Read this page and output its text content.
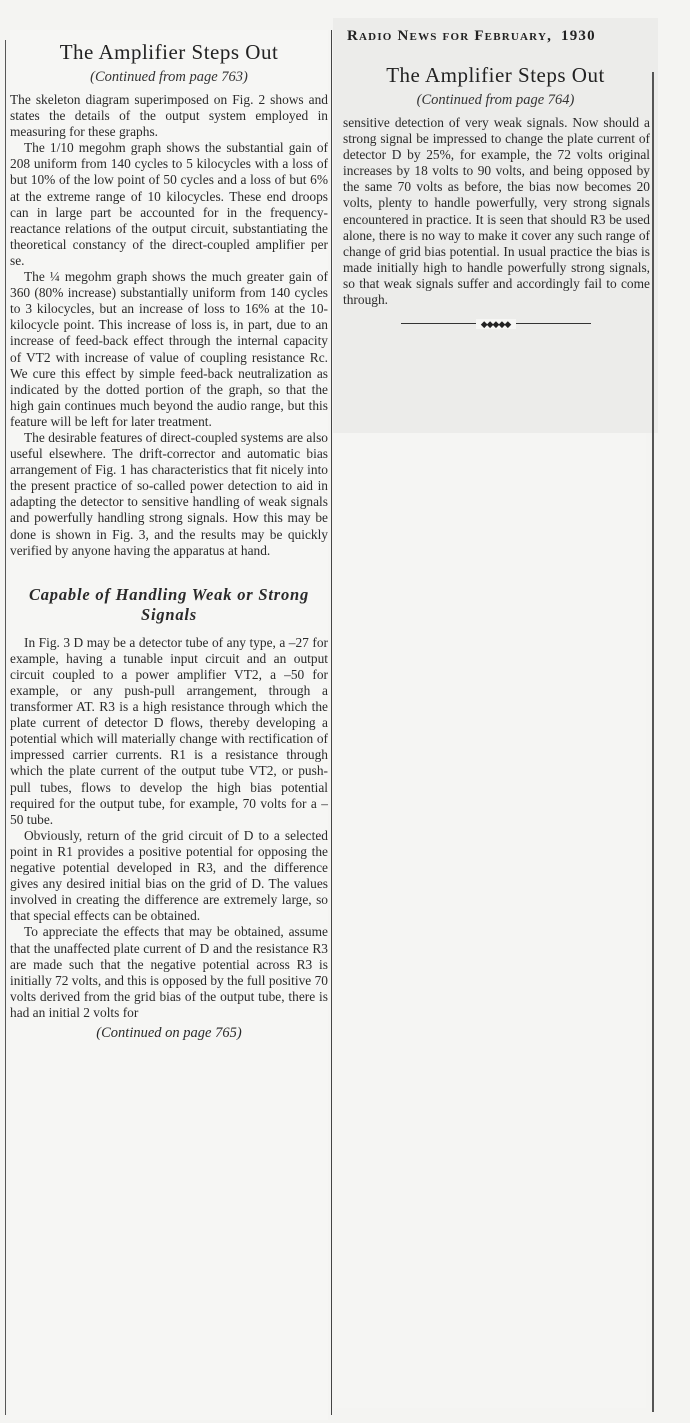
The Amplifier Steps Out
(Continued from page 763)

The skeleton diagram superimposed on Fig. 2 shows and states the details of the output system employed in measuring for these graphs.

The 1/10 megohm graph shows the substantial gain of 208 uniform from 140 cycles to 5 kilocycles with a loss of but 10% of the low point of 50 cycles and a loss of but 6% at the extreme range of 10 kilocycles. These end droops can in large part be accounted for in the frequency-reactance relations of the output circuit, substantiating the theoretical constancy of the direct-coupled amplifier per se.

The ¼ megohm graph shows the much greater gain of 360 (80% increase) substantially uniform from 140 cycles to 3 kilocycles, but an increase of loss to 16% at the 10-kilocycle point. This increase of loss is, in part, due to an increase of feed-back effect through the internal capacity of VT2 with increase of value of coupling resistance Rc. We cure this effect by simple feed-back neutralization as indicated by the dotted portion of the graph, so that the high gain continues much beyond the audio range, but this feature will be left for later treatment.

The desirable features of direct-coupled systems are also useful elsewhere. The drift-corrector and automatic bias arrangement of Fig. 1 has characteristics that fit nicely into the present practice of so-called power detection to aid in adapting the detector to sensitive handling of weak signals and powerfully handling strong signals. How this may be done is shown in Fig. 3, and the results may be quickly verified by anyone having the apparatus at hand.

Capable of Handling Weak or Strong Signals

In Fig. 3 D may be a detector tube of any type, a –27 for example, having a tunable input circuit and an output circuit coupled to a power amplifier VT2, a –50 for example, or any push-pull arrangement, through a transformer AT. R3 is a high resistance through which the plate current of detector D flows, thereby developing a potential which will materially change with rectification of impressed carrier currents. R1 is a resistance through which the plate current of the output tube VT2, or push-pull tubes, flows to develop the high bias potential required for the output tube, for example, 70 volts for a –50 tube.

Obviously, return of the grid circuit of D to a selected point in R1 provides a positive potential for opposing the negative potential developed in R3, and the difference gives any desired initial bias on the grid of D. The values involved in creating the difference are extremely large, so that special effects can be obtained.

To appreciate the effects that may be obtained, assume that the unaffected plate current of D and the resistance R3 are made such that the negative potential across R3 is initially 72 volts, and this is opposed by the full positive 70 volts derived from the grid bias of the output tube, there is had an initial 2 volts for

(Continued on page 765)
Radio News for February, 1930
The Amplifier Steps Out
(Continued from page 764)

sensitive detection of very weak signals. Now should a strong signal be impressed to change the plate current of detector D by 25%, for example, the 72 volts original increases by 18 volts to 90 volts, and being opposed by the same 70 volts as before, the bias now becomes 20 volts, plenty to handle powerfully, very strong signals encountered in practice. It is seen that should R3 be used alone, there is no way to make it cover any such range of change of grid bias potential. In usual practice the bias is made initially high to handle powerfully strong signals, so that weak signals suffer and accordingly fail to come through.

◆◆◆◆◆
